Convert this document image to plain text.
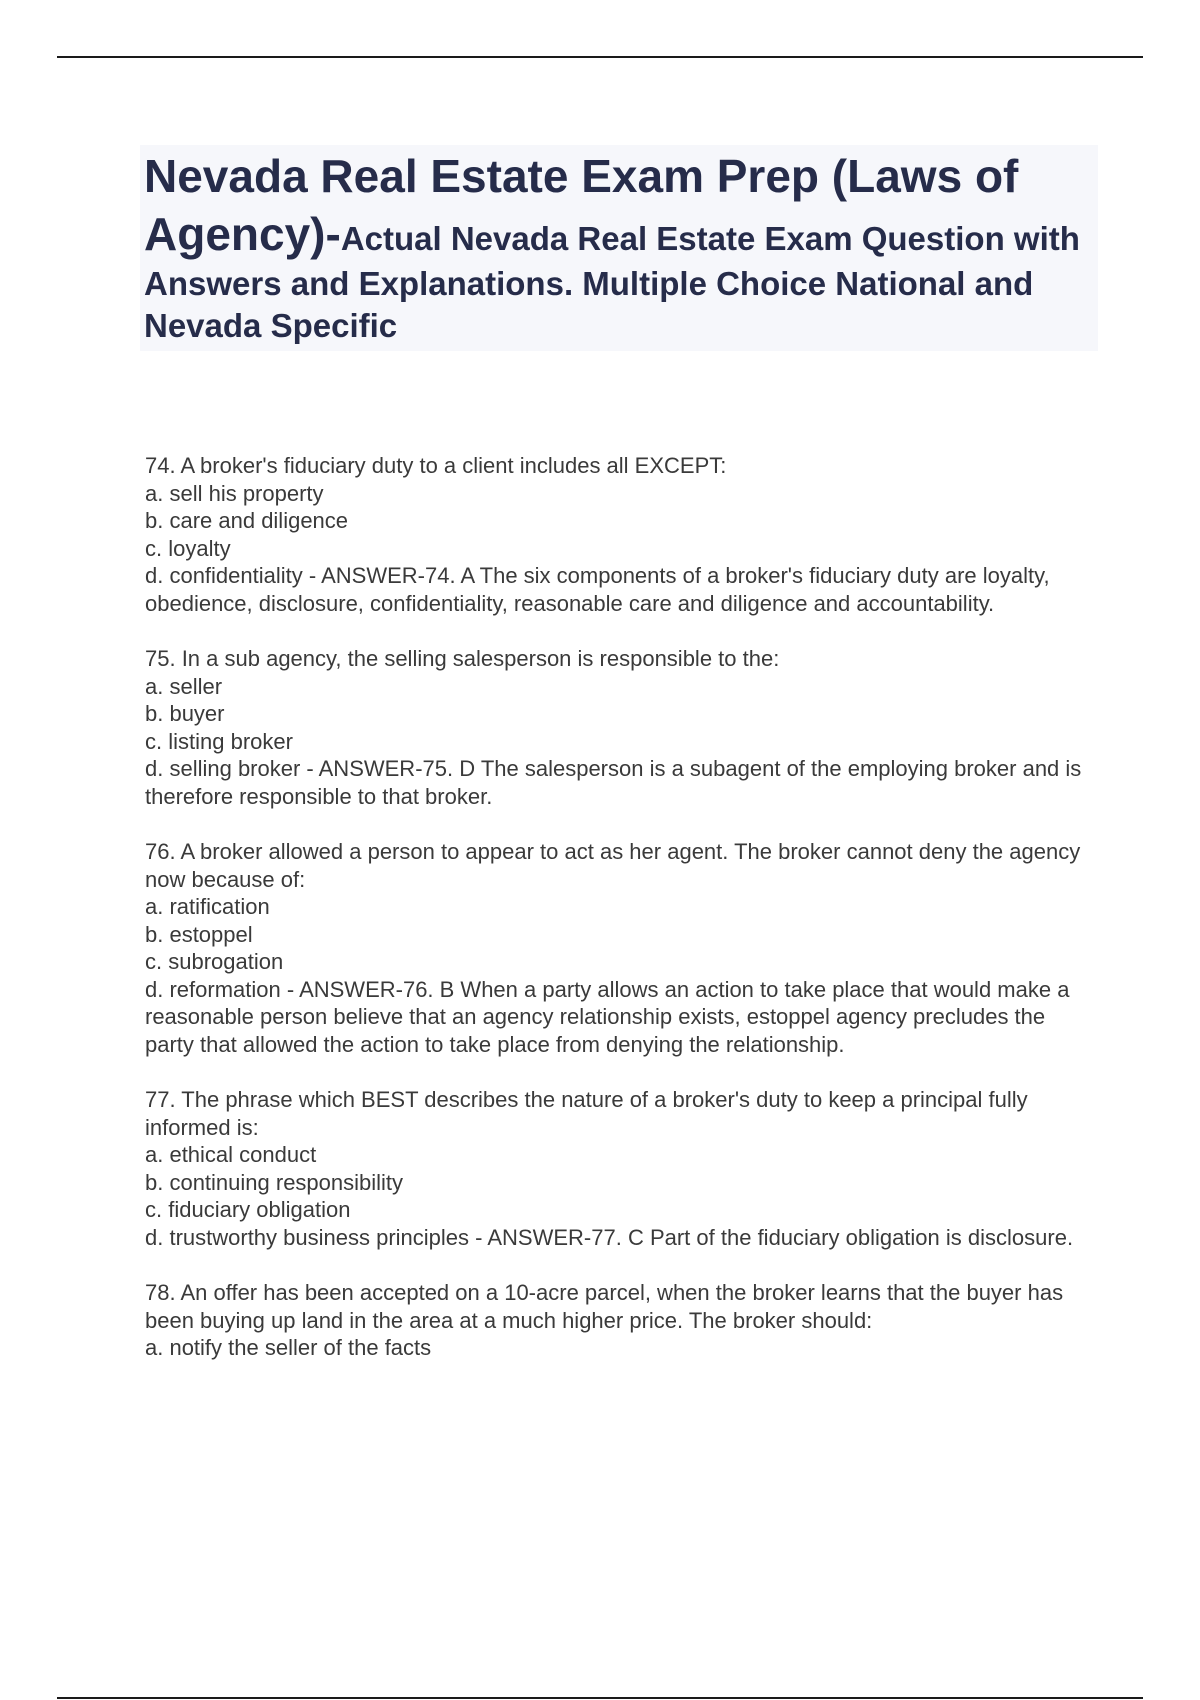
Nevada Real Estate Exam Prep (Laws of Agency)-Actual Nevada Real Estate Exam Question with Answers and Explanations. Multiple Choice National and Nevada Specific
74. A broker's fiduciary duty to a client includes all EXCEPT:
a. sell his property
b. care and diligence
c. loyalty
d. confidentiality - ANSWER-74. A The six components of a broker's fiduciary duty are loyalty, obedience, disclosure, confidentiality, reasonable care and diligence and accountability.
75. In a sub agency, the selling salesperson is responsible to the:
a. seller
b. buyer
c. listing broker
d. selling broker - ANSWER-75. D The salesperson is a subagent of the employing broker and is therefore responsible to that broker.
76. A broker allowed a person to appear to act as her agent. The broker cannot deny the agency now because of:
a. ratification
b. estoppel
c. subrogation
d. reformation - ANSWER-76. B When a party allows an action to take place that would make a reasonable person believe that an agency relationship exists, estoppel agency precludes the party that allowed the action to take place from denying the relationship.
77. The phrase which BEST describes the nature of a broker's duty to keep a principal fully informed is:
a. ethical conduct
b. continuing responsibility
c. fiduciary obligation
d. trustworthy business principles - ANSWER-77. C Part of the fiduciary obligation is disclosure.
78. An offer has been accepted on a 10-acre parcel, when the broker learns that the buyer has been buying up land in the area at a much higher price. The broker should:
a. notify the seller of the facts
